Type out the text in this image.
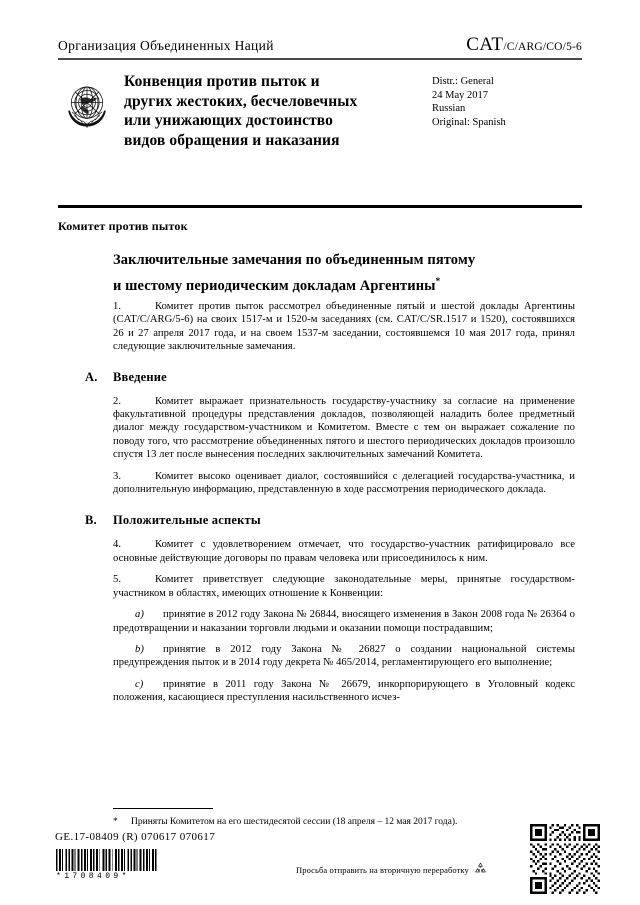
Организация Объединенных Наций	CAT/C/ARG/CO/5-6
Конвенция против пыток и
других жестоких, бесчеловечных
или унижающих достоинство
видов обращения и наказания
Distr.: General
24 May 2017
Russian
Original: Spanish
Комитет против пыток
Заключительные замечания по объединенным пятому
и шестому периодическим докладам Аргентины*

1.	Комитет против пыток рассмотрел объединенные пятый и шестой доклады Аргентины (CAT/C/ARG/5-6) на своих 1517-м и 1520-м заседаниях (см. CAT/C/SR.1517 и 1520), состоявшихся 26 и 27 апреля 2017 года, и на своем 1537-м заседании, состоявшемся 10 мая 2017 года, принял следующие заключительные замечания.

A. Введение

2.	Комитет выражает признательность государству-участнику за согласие на применение факультативной процедуры представления докладов, позволяющей наладить более предметный диалог между государством-участником и Комитетом. Вместе с тем он выражает сожаление по поводу того, что рассмотрение объединенных пятого и шестого периодических докладов произошло спустя 13 лет после вынесения последних заключительных замечаний Комитета.

3.	Комитет высоко оценивает диалог, состоявшийся с делегацией государства-участника, и дополнительную информацию, представленную в ходе рассмотрения периодического доклада.

B. Положительные аспекты

4.	Комитет с удовлетворением отмечает, что государство-участник ратифицировало все основные действующие договоры по правам человека или присоединилось к ним.

5.	Комитет приветствует следующие законодательные меры, принятые государством-участником в областях, имеющих отношение к Конвенции:

a) принятие в 2012 году Закона № 26844, вносящего изменения в Закон 2008 года № 26364 о предотвращении и наказании торговли людьми и оказании помощи пострадавшим;

b) принятие в 2012 году Закона № 26827 о создании национальной системы предупреждения пыток и в 2014 году декрета № 465/2014, регламентирующего его выполнение;

c) принятие в 2011 году Закона № 26679, инкорпорирующего в Уголовный кодекс положения, касающиеся преступления насильственного исчез-

* Приняты Комитетом на его шестидесятой сессии (18 апреля – 12 мая 2017 года).
GE.17-08409 (R) 070617 070617
*1708409*
Просьба отправить на вторичную переработку
